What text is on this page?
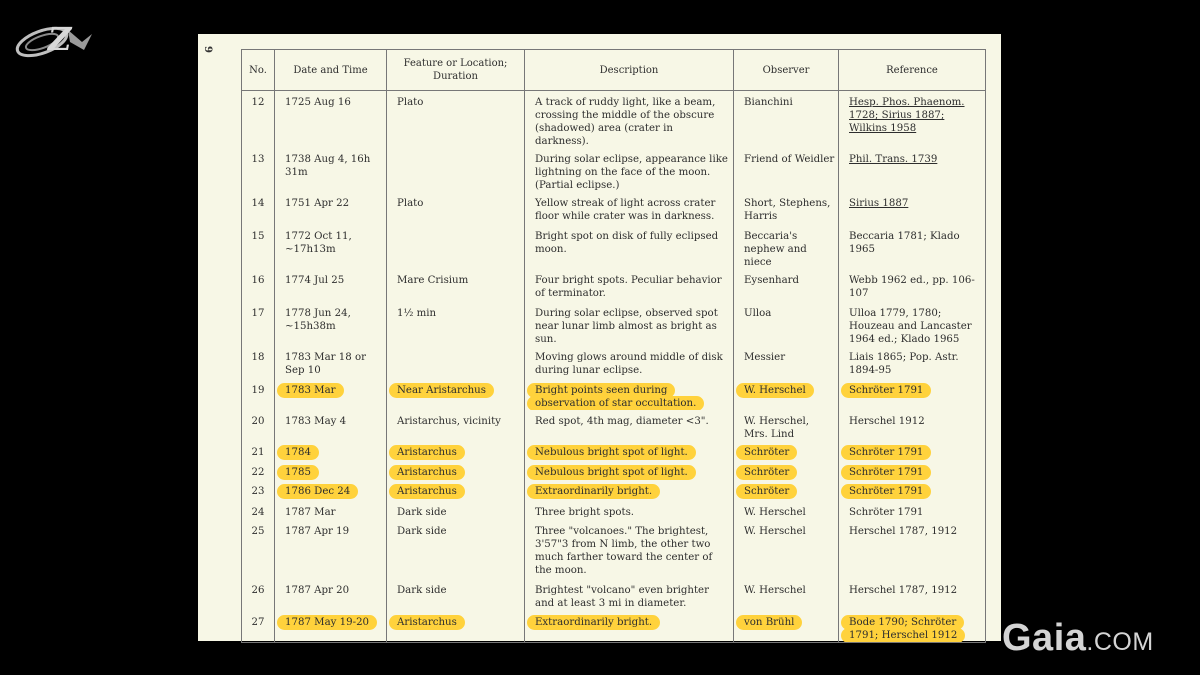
Z	9
No.	Date and Time	Feature or Location; Duration	Description	Observer	Reference

12	1725 Aug 16	Plato	A track of ruddy light, like a beam, crossing the middle of the obscure (shadowed) area (crater in darkness).	Bianchini	Hesp. Phos. Phaenom. 1728; Sirius 1887; Wilkins 1958

13	1738 Aug 4, 16h 31m		During solar eclipse, appearance like lightning on the face of the moon. (Partial eclipse.)	Friend of Weidler	Phil. Trans. 1739

14	1751 Apr 22	Plato	Yellow streak of light across crater floor while crater was in darkness.	Short, Stephens, Harris	Sirius 1887

15	1772 Oct 11, ~17h13m		Bright spot on disk of fully eclipsed moon.	Beccaria's nephew and niece	Beccaria 1781; Klado 1965

16	1774 Jul 25	Mare Crisium	Four bright spots. Peculiar behavior of terminator.	Eysenhard	Webb 1962 ed., pp. 106-107

17	1778 Jun 24, ~15h38m	1½ min	During solar eclipse, observed spot near lunar limb almost as bright as sun.	Ulloa	Ulloa 1779, 1780; Houzeau and Lancaster 1964 ed.; Klado 1965

18	1783 Mar 18 or Sep 10		Moving glows around middle of disk during lunar eclipse.	Messier	Liais 1865; Pop. Astr. 1894-95

19	1783 Mar	Near Aristarchus	Bright points seen during observation of star occultation.	W. Herschel	Schröter 1791

20	1783 May 4	Aristarchus, vicinity	Red spot, 4th mag, diameter <3".	W. Herschel, Mrs. Lind	Herschel 1912

21	1784	Aristarchus	Nebulous bright spot of light.	Schröter	Schröter 1791

22	1785	Aristarchus	Nebulous bright spot of light.	Schröter	Schröter 1791

23	1786 Dec 24	Aristarchus	Extraordinarily bright.	Schröter	Schröter 1791

24	1787 Mar	Dark side	Three bright spots.	W. Herschel	Schröter 1791

25	1787 Apr 19	Dark side	Three "volcanoes." The brightest, 3'57"3 from N limb, the other two much farther toward the center of the moon.	W. Herschel	Herschel 1787, 1912

26	1787 Apr 20	Dark side	Brightest "volcano" even brighter and at least 3 mi in diameter.	W. Herschel	Herschel 1787, 1912

27	1787 May 19-20	Aristarchus	Extraordinarily bright.	von Brühl	Bode 1790; Schröter 1791; Herschel 1912	Gaia.COM
